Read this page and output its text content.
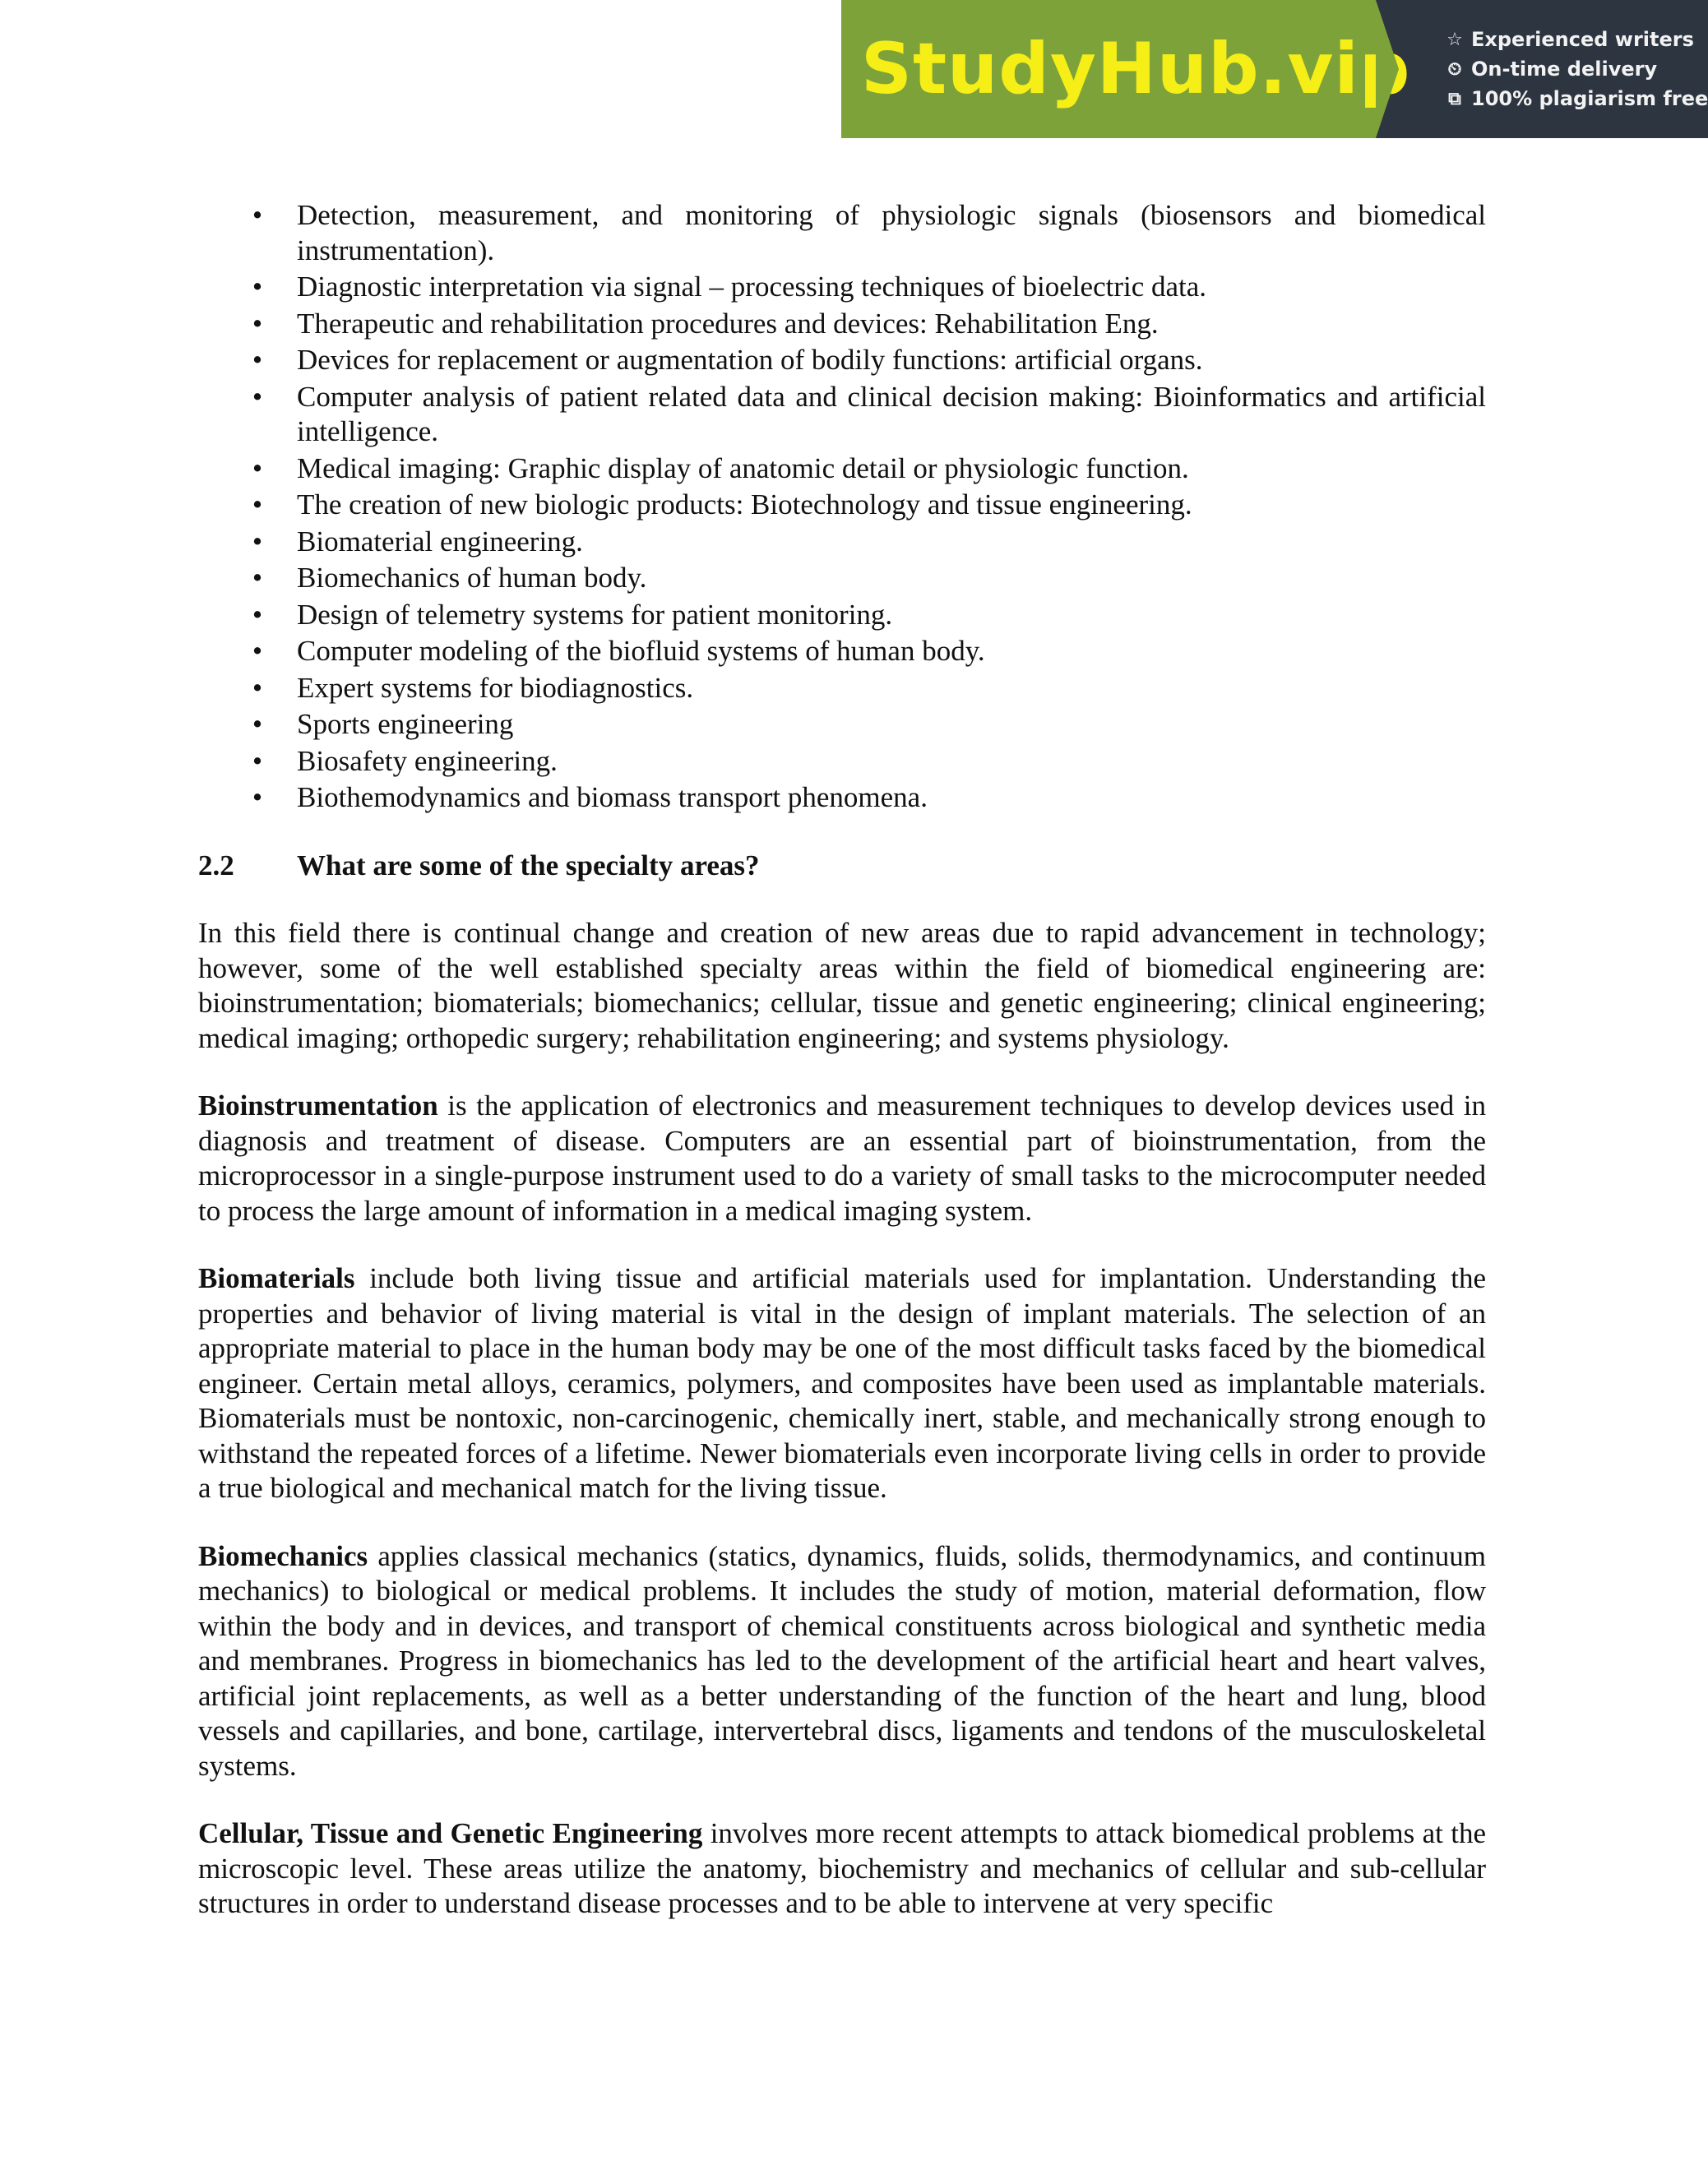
StudyHub.vip ☆ Experienced writers
⏲ On-time delivery
⧉ 100% plagiarism free
• Detection, measurement, and monitoring of physiologic signals (biosensors and biomedical instrumentation).
• Diagnostic interpretation via signal – processing techniques of bioelectric data.
• Therapeutic and rehabilitation procedures and devices: Rehabilitation Eng.
• Devices for replacement or augmentation of bodily functions: artificial organs.
• Computer analysis of patient related data and clinical decision making: Bioinformatics and artificial intelligence.
• Medical imaging: Graphic display of anatomic detail or physiologic function.
• The creation of new biologic products: Biotechnology and tissue engineering.
• Biomaterial engineering.
• Biomechanics of human body.
• Design of telemetry systems for patient monitoring.
• Computer modeling of the biofluid systems of human body.
• Expert systems for biodiagnostics.
• Sports engineering
• Biosafety engineering.
• Biothemodynamics and biomass transport phenomena.
2.2	What are some of the specialty areas?

In this field there is continual change and creation of new areas due to rapid advancement in technology; however, some of the well established specialty areas within the field of biomedical engineering are: bioinstrumentation; biomaterials; biomechanics; cellular, tissue and genetic engineering; clinical engineering; medical imaging; orthopedic surgery; rehabilitation engineering; and systems physiology.

Bioinstrumentation is the application of electronics and measurement techniques to develop devices used in diagnosis and treatment of disease. Computers are an essential part of bioinstrumentation, from the microprocessor in a single-purpose instrument used to do a variety of small tasks to the microcomputer needed to process the large amount of information in a medical imaging system.

Biomaterials include both living tissue and artificial materials used for implantation. Understanding the properties and behavior of living material is vital in the design of implant materials. The selection of an appropriate material to place in the human body may be one of the most difficult tasks faced by the biomedical engineer. Certain metal alloys, ceramics, polymers, and composites have been used as implantable materials. Biomaterials must be nontoxic, non-carcinogenic, chemically inert, stable, and mechanically strong enough to withstand the repeated forces of a lifetime. Newer biomaterials even incorporate living cells in order to provide a true biological and mechanical match for the living tissue.

Biomechanics applies classical mechanics (statics, dynamics, fluids, solids, thermodynamics, and continuum mechanics) to biological or medical problems. It includes the study of motion, material deformation, flow within the body and in devices, and transport of chemical constituents across biological and synthetic media and membranes. Progress in biomechanics has led to the development of the artificial heart and heart valves, artificial joint replacements, as well as a better understanding of the function of the heart and lung, blood vessels and capillaries, and bone, cartilage, intervertebral discs, ligaments and tendons of the musculoskeletal systems.

Cellular, Tissue and Genetic Engineering involves more recent attempts to attack biomedical problems at the microscopic level. These areas utilize the anatomy, biochemistry and mechanics of cellular and sub-cellular structures in order to understand disease processes and to be able to intervene at very specific
